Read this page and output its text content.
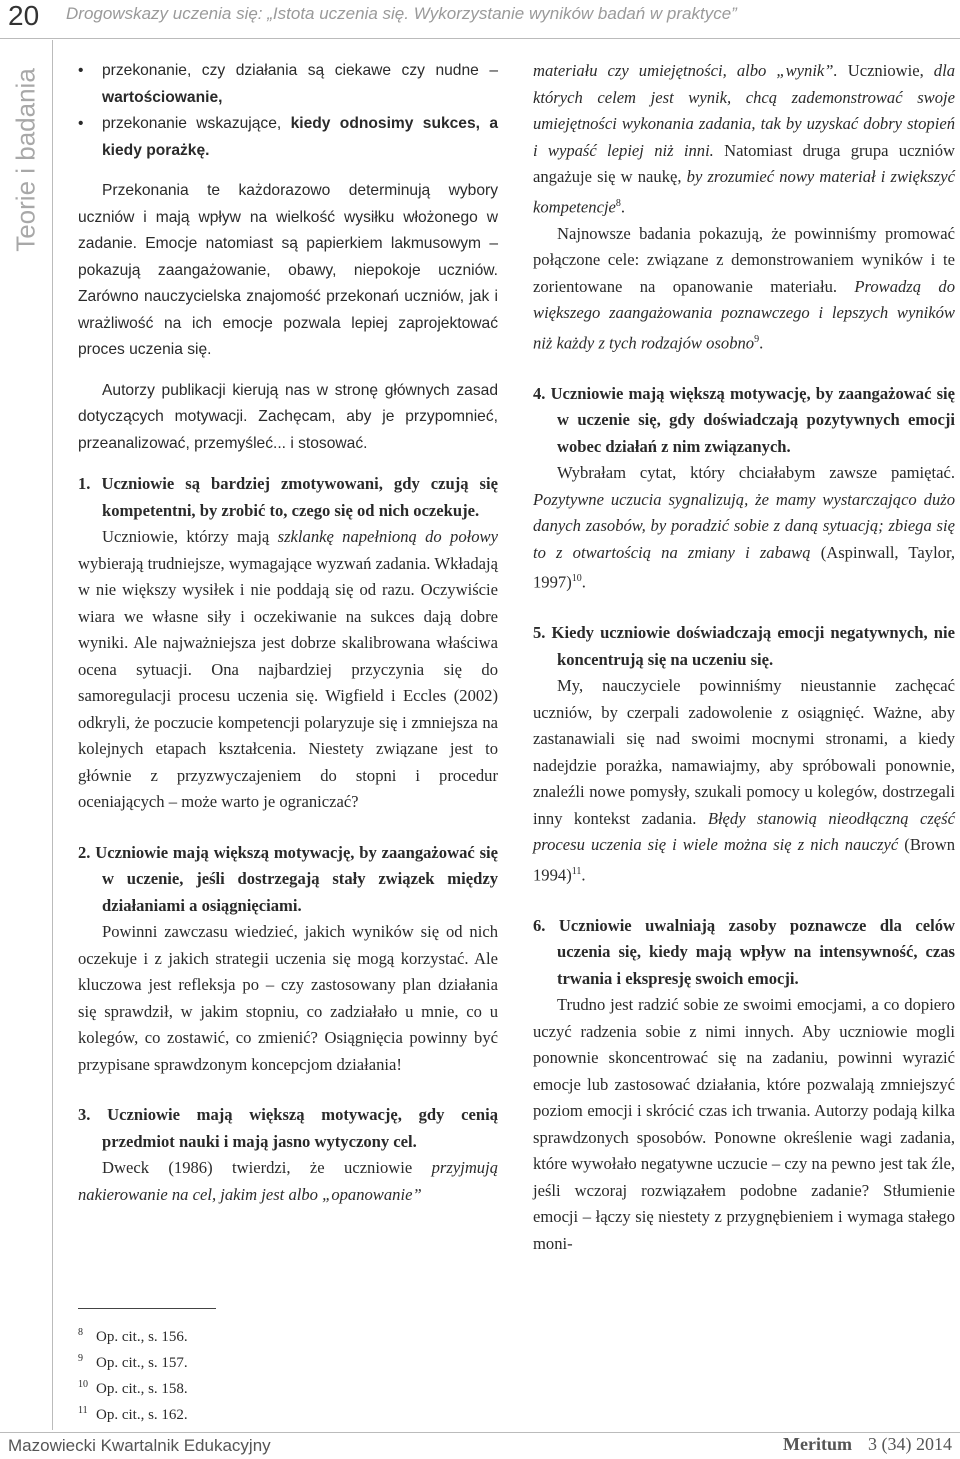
20 Drogowskazy uczenia się: „Istota uczenia się. Wykorzystanie wyników badań w praktyce”
Teorie i badania
•	przekonanie, czy działania są ciekawe czy nudne – wartościowanie,
• przekonanie wskazujące, kiedy odnosimy sukces, a kiedy porażkę.

Przekonania te każdorazowo determinują wybory uczniów i mają wpływ na wielkość wysiłku włożonego w zadanie. Emocje natomiast są papierkiem lakmusowym – pokazują zaangażowanie, obawy, niepokoje uczniów. Zarówno nauczycielska znajomość przekonań uczniów, jak i wrażliwość na ich emocje pozwala lepiej zaprojektować proces uczenia się.

Autorzy publikacji kierują nas w stronę głównych zasad dotyczących motywacji. Zachęcam, aby je przypomnieć, przeanalizować, przemyśleć... i stosować.

1. Uczniowie są bardziej zmotywowani, gdy czują się kompetentni, by zrobić to, czego się od nich oczekuje.

Uczniowie, którzy mają szklankę napełnioną do połowy wybierają trudniejsze, wymagające wyzwań zadania. Wkładają w nie większy wysiłek i nie poddają się od razu. Oczywiście wiara we własne siły i oczekiwanie na sukces dają dobre wyniki. Ale najważniejsza jest dobrze skalibrowana właściwa ocena sytuacji. Ona najbardziej przyczynia się do samoregulacji procesu uczenia się. Wigfield i Eccles (2002) odkryli, że poczucie kompetencji polaryzuje się i zmniejsza na kolejnych etapach kształcenia. Niestety związane jest to głównie z przyzwyczajeniem do stopni i procedur oceniających – może warto je ograniczać?

2. Uczniowie mają większą motywację, by zaangażować się w uczenie, jeśli dostrzegają stały związek między działaniami a osiągnięciami.

Powinni zawczasu wiedzieć, jakich wyników się od nich oczekuje i z jakich strategii uczenia się mogą korzystać. Ale kluczowa jest refleksja po – czy zastosowany plan działania się sprawdził, w jakim stopniu, co zadziałało u mnie, co u kolegów, co zostawić, co zmienić? Osiągnięcia powinny być przypisane sprawdzonym koncepcjom działania!

3. Uczniowie mają większą motywację, gdy cenią przedmiot nauki i mają jasno wytyczony cel.

Dweck (1986) twierdzi, że uczniowie przyjmują nakierowanie na cel, jakim jest albo „opanowanie”

materiału czy umiejętności, albo „wynik”. Uczniowie, dla których celem jest wynik, chcą zademonstrować swoje umiejętności wykonania zadania, tak by uzyskać dobry stopień i wypaść lepiej niż inni. Natomiast druga grupa uczniów angażuje się w naukę, by zrozumieć nowy materiał i zwiększyć kompetencje$^8$.

Najnowsze badania pokazują, że powinniśmy promować połączone cele: związane z demonstrowaniem wyników i te zorientowane na opanowanie materiału. Prowadzą do większego zaangażowania poznawczego i lepszych wyników niż każdy z tych rodzajów osobno$^9$.

4. Uczniowie mają większą motywację, by zaangażować się w uczenie się, gdy doświadczają pozytywnych emocji wobec działań z nim związanych.

Wybrałam cytat, który chciałabym zawsze pamiętać. Pozytywne uczucia sygnalizują, że mamy wystarczająco dużo danych zasobów, by poradzić sobie z daną sytuacją; zbiega się to z otwartością na zmiany i zabawą (Aspinwall, Taylor, 1997)$^{10}$.

5. Kiedy uczniowie doświadczają emocji negatywnych, nie koncentrują się na uczeniu się.

My, nauczyciele powinniśmy nieustannie zachęcać uczniów, by czerpali zadowolenie z osiągnięć. Ważne, aby zastanawiali się nad swoimi mocnymi stronami, a kiedy nadejdzie porażka, namawiajmy, aby spróbowali ponownie, znaleźli nowe pomysły, szukali pomocy u kolegów, dostrzegali inny kontekst zadania. Błędy stanowią nieodłączną część procesu uczenia się i wiele można się z nich nauczyć (Brown 1994)$^{11}$.

6. Uczniowie uwalniają zasoby poznawcze dla celów uczenia się, kiedy mają wpływ na intensywność, czas trwania i ekspresję swoich emocji.

Trudno jest radzić sobie ze swoimi emocjami, a co dopiero uczyć radzenia sobie z nimi innych. Aby uczniowie mogli ponownie skoncentrować się na zadaniu, powinni wyrazić emocje lub zastosować działania, które pozwalają zmniejszyć poziom emocji i skrócić czas ich trwania. Autorzy podają kilka sprawdzonych sposobów. Ponowne określenie wagi zadania, które wywołało negatywne uczucie – czy na pewno jest tak źle, jeśli wczoraj rozwiązałem podobne zadanie? Stłumienie emocji – łączy się niestety z przygnębieniem i wymaga stałego moni-

$^8$ Op. cit., s. 156.
$^9$ Op. cit., s. 157.
$^{10}$ Op. cit., s. 158.
$^{11}$ Op. cit., s. 162.
Mazowiecki Kwartalnik Edukacyjny	Meritum 3 (34) 2014
